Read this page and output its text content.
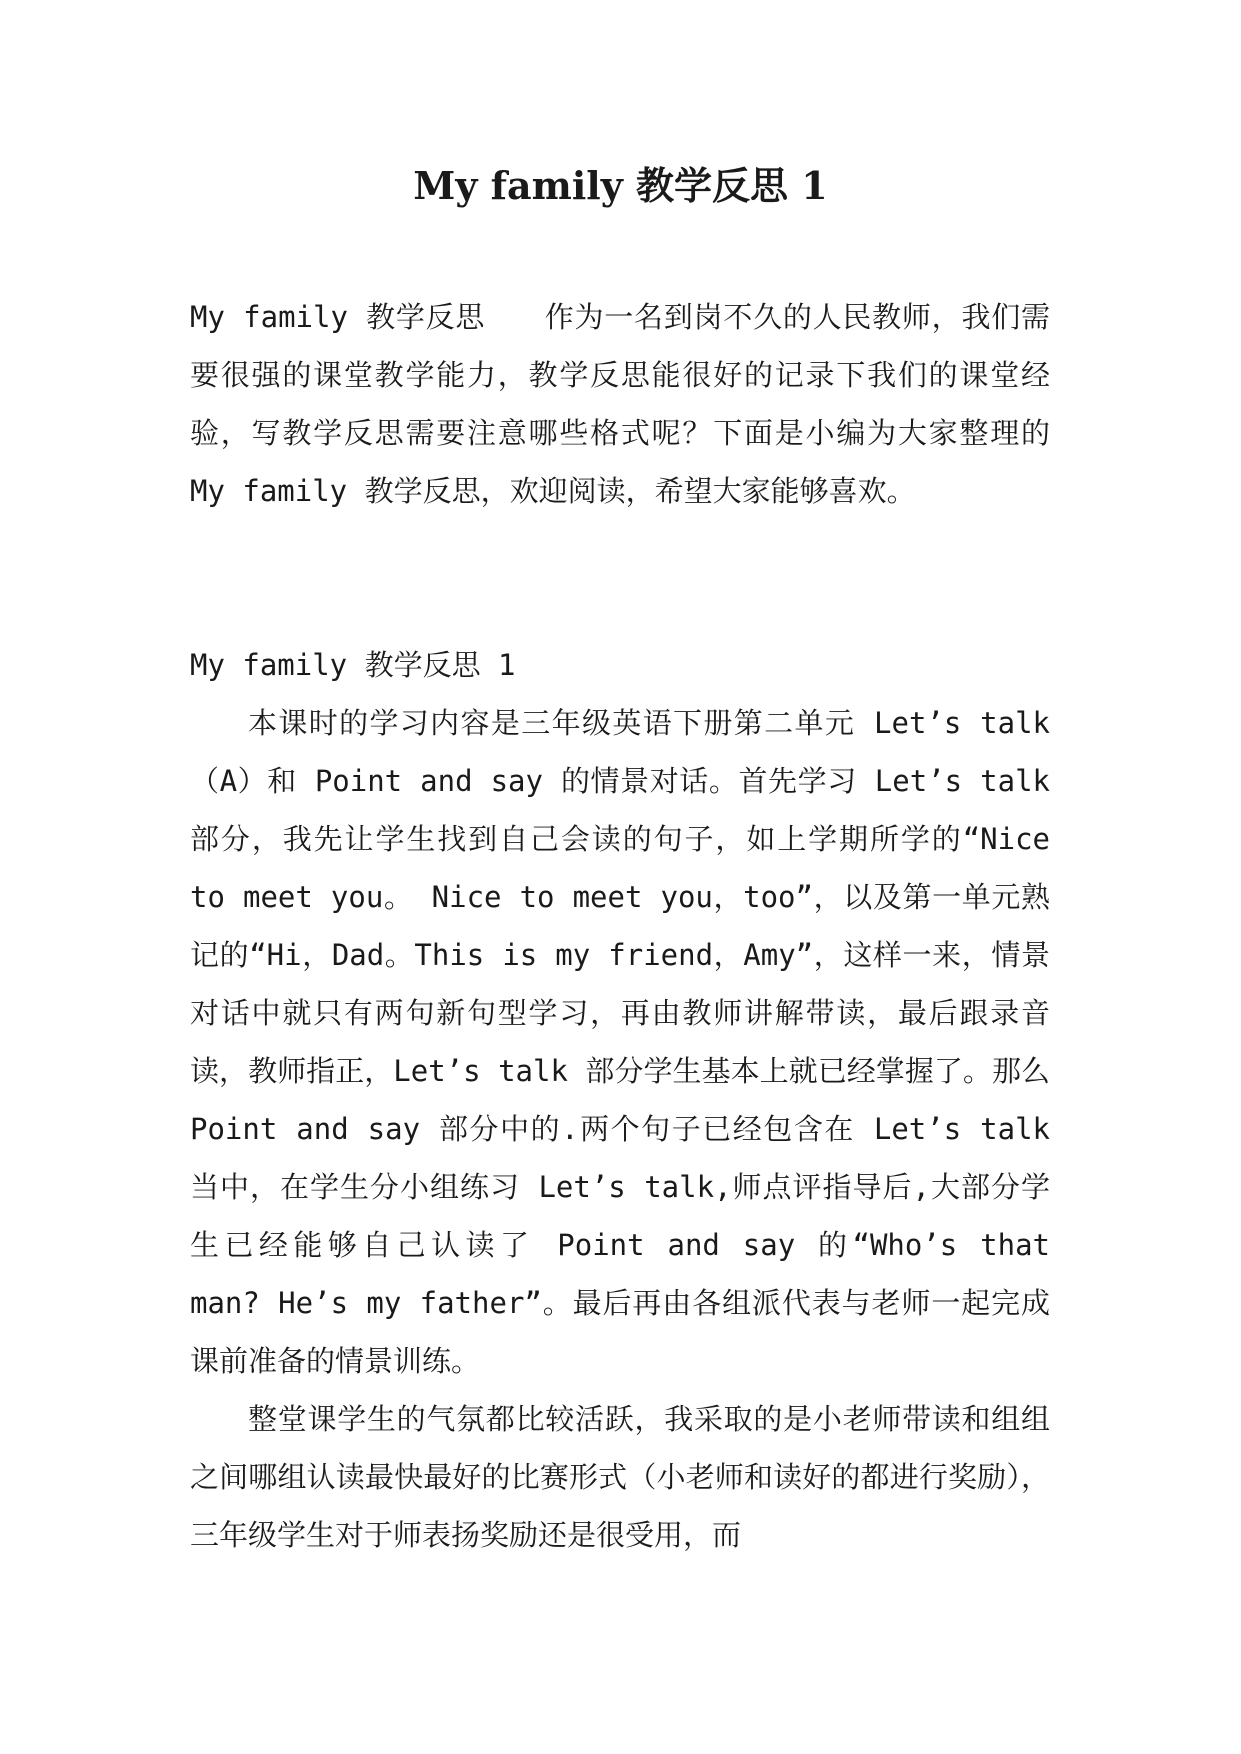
My family 教学反思 1

My family 教学反思　　作为一名到岗不久的人民教师，我们需要很强的课堂教学能力，教学反思能很好的记录下我们的课堂经验，写教学反思需要注意哪些格式呢？下面是小编为大家整理的 My family 教学反思，欢迎阅读，希望大家能够喜欢。

My family 教学反思 1

本课时的学习内容是三年级英语下册第二单元 Let’s talk（A）和 Point and say 的情景对话。首先学习 Let’s talk 部分，我先让学生找到自己会读的句子，如上学期所学的“Nice to meet you。 Nice to meet you，too”，以及第一单元熟记的“Hi，Dad。This is my friend，Amy”，这样一来，情景对话中就只有两句新句型学习，再由教师讲解带读，最后跟录音读，教师指正，Let’s talk 部分学生基本上就已经掌握了。那么 Point and say 部分中的.两个句子已经包含在 Let’s talk 当中，在学生分小组练习 Let’s talk,师点评指导后,大部分学生已经能够自己认读了 Point and say 的“Who’s that man? He’s my father”。最后再由各组派代表与老师一起完成课前准备的情景训练。

整堂课学生的气氛都比较活跃，我采取的是小老师带读和组组之间哪组认读最快最好的比赛形式（小老师和读好的都进行奖励），三年级学生对于师表扬奖励还是很受用，而
